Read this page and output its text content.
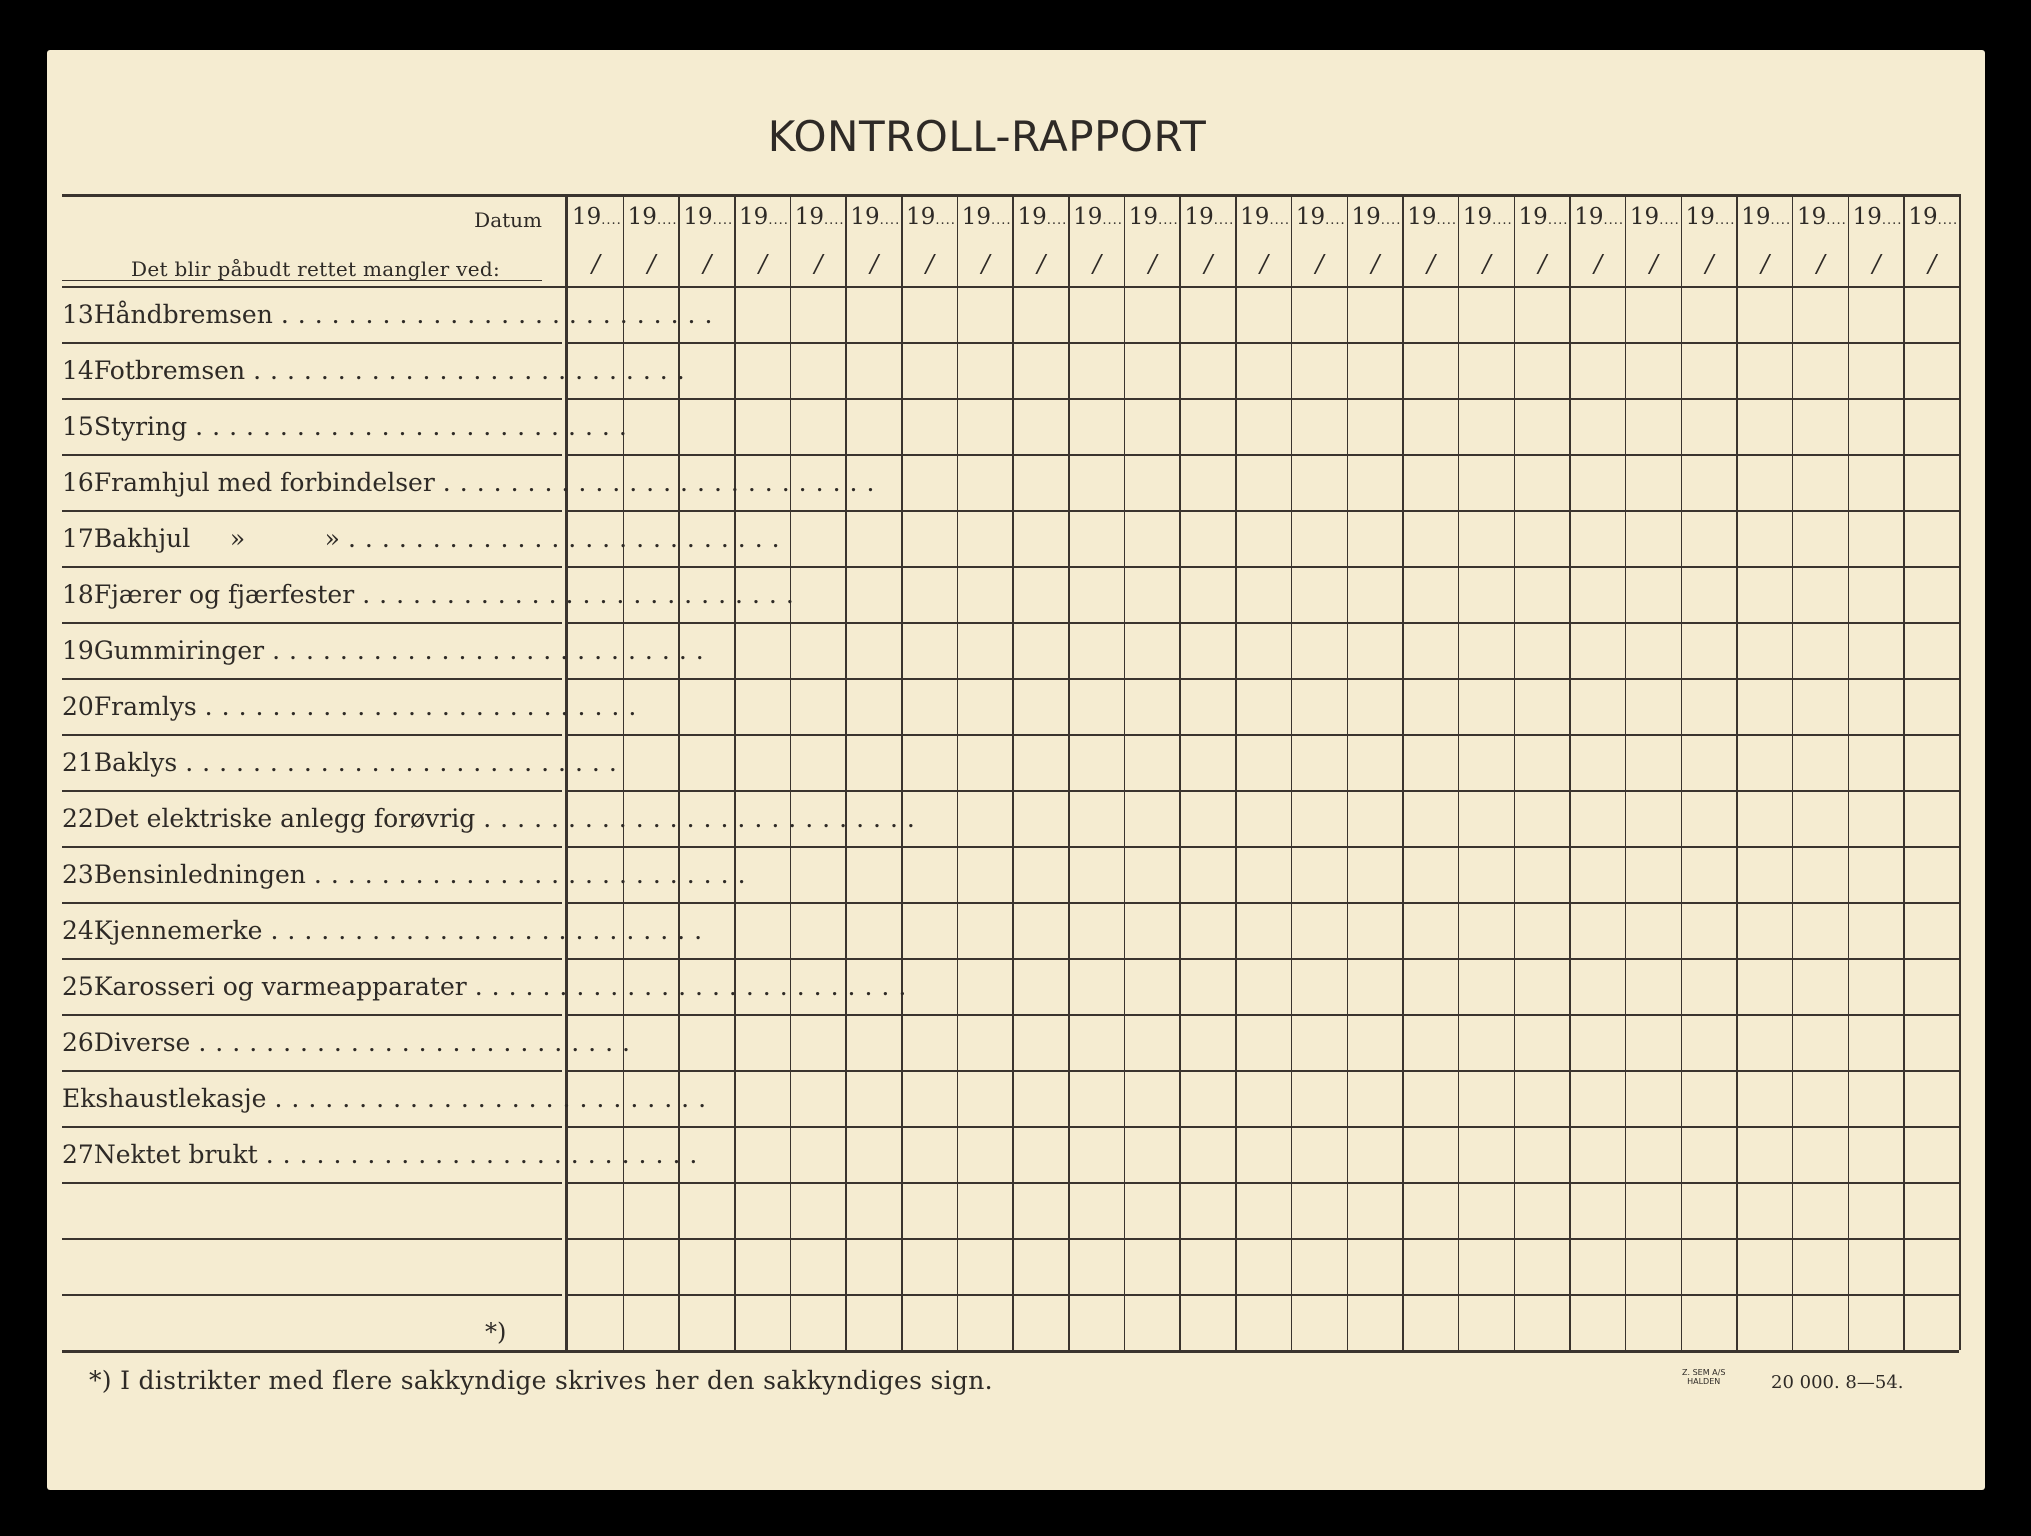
KONTROLL-RAPPORT
Datum
Det blir påbudt rettet mangler ved:
13 Håndbremsen ..........................
14 Fotbremsen ..........................
15 Styring ..........................
16 Framhjul med forbindelser ..........................
17 Bakhjul     »          » ..........................
18 Fjærer og fjærfester ..........................
19 Gummiringer ..........................
20 Framlys ..........................
21 Baklys ..........................
22 Det elektriske anlegg forøvrig ..........................
23 Bensinledningen ..........................
24 Kjennemerke ..........................
25 Karosseri og varmeapparater ..........................
26 Diverse ..........................
Ekshaustlekasje ..........................
27 Nektet brukt ..........................
19....
/
19....
/
19....
/
19....
/
19....
/
19....
/
19....
/
19....
/
19....
/
19....
/
19....
/
19....
/
19....
/
19....
/
19....
/
19....
/
19....
/
19....
/
19....
/
19....
/
19....
/
19....
/
19....
/
19....
/
19....
/
*)
*) I distrikter med flere sakkyndige skrives her den sakkyndiges sign.	Z. SEM A/S
HALDEN	20 000. 8—54.
